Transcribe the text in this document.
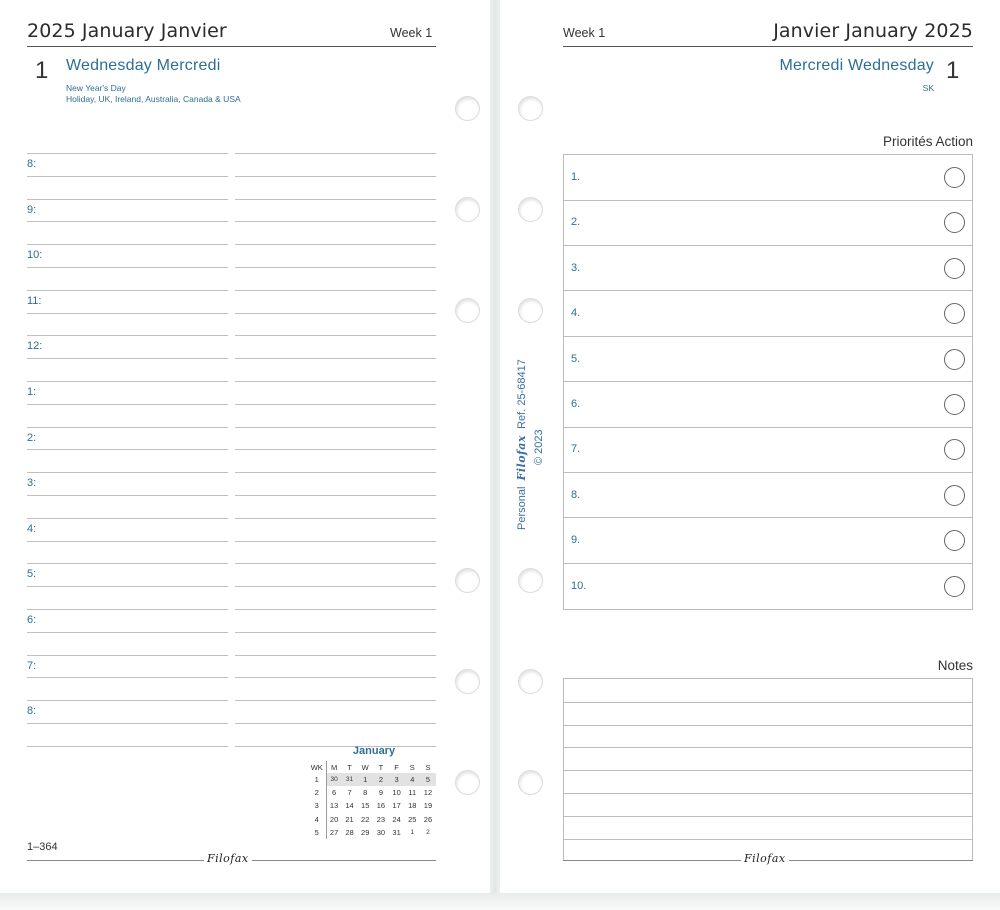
2025 January Janvier	Week 1
1 Wednesday Mercredi
New Year's Day
Holiday, UK, Ireland, Australia, Canada & USA
8:
9:
10:
11:
12:
1:
2:
3:
4:
5:
6:
7:
8:
January
WK	M	T	W	T	F	S	S
1	30	31	1	2	3	4	5
2	6	7	8	9	10	11	12
3	13	14	15	16	17	18	19
4	20	21	22	23	24	25	26
5	27	28	29	30	31	1	2
1–364
Filofax
Week 1	Janvier January 2025
Mercredi Wednesday 1
SK
Priorités Action
1.
2.
3.
4.
5.
6.
7.
8.
9.
10.
Notes
Filofax
Personal  Filofax  Ref. 25-68417
© 2023
